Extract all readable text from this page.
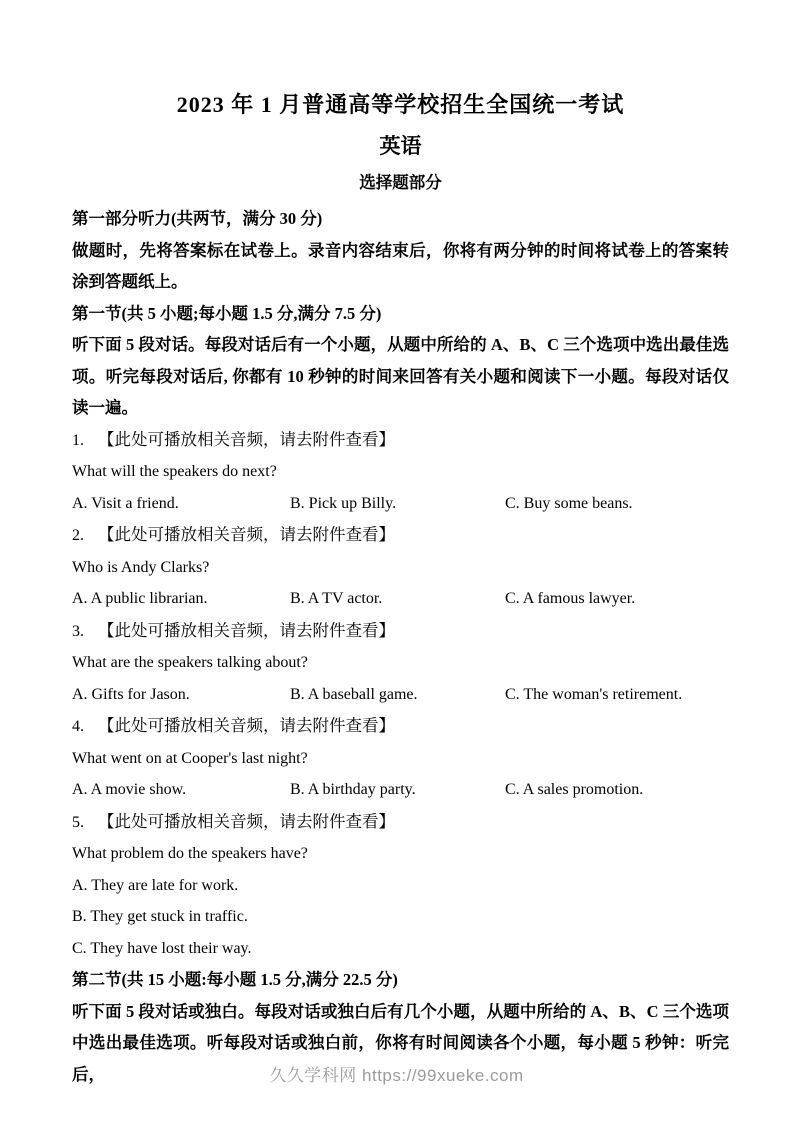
2023 年 1 月普通高等学校招生全国统一考试
英语
选择题部分
第一部分听力(共两节，满分 30 分)

做题时，先将答案标在试卷上。录音内容结束后，你将有两分钟的时间将试卷上的答案转涂到答题纸上。

第一节(共 5 小题;每小题 1.5 分,满分 7.5 分)

听下面 5 段对话。每段对话后有一个小题，从题中所给的 A、B、C 三个选项中选出最佳选项。听完每段对话后, 你都有 10 秒钟的时间来回答有关小题和阅读下一小题。每段对话仅读一遍。

1. 【此处可播放相关音频，请去附件查看】
What will the speakers do next?
A. Visit a friend.	B. Pick up Billy.	C. Buy some beans.
2. 【此处可播放相关音频，请去附件查看】
Who is Andy Clarks?
A. A public librarian.	B. A TV actor.	C. A famous lawyer.
3. 【此处可播放相关音频，请去附件查看】
What are the speakers talking about?
A. Gifts for Jason.	B. A baseball game.	C. The woman's retirement.
4. 【此处可播放相关音频，请去附件查看】
What went on at Cooper's last night?
A. A movie show.	B. A birthday party.	C. A sales promotion.
5. 【此处可播放相关音频，请去附件查看】
What problem do the speakers have?
A. They are late for work.
B. They get stuck in traffic.
C. They have lost their way.
第二节(共 15 小题:每小题 1.5 分,满分 22.5 分)

听下面 5 段对话或独白。每段对话或独白后有几个小题，从题中所给的 A、B、C 三个选项中选出最佳选项。听每段对话或独白前，你将有时间阅读各个小题，每小题 5 秒钟：听完后，	久久学科网 https://99xueke.com
